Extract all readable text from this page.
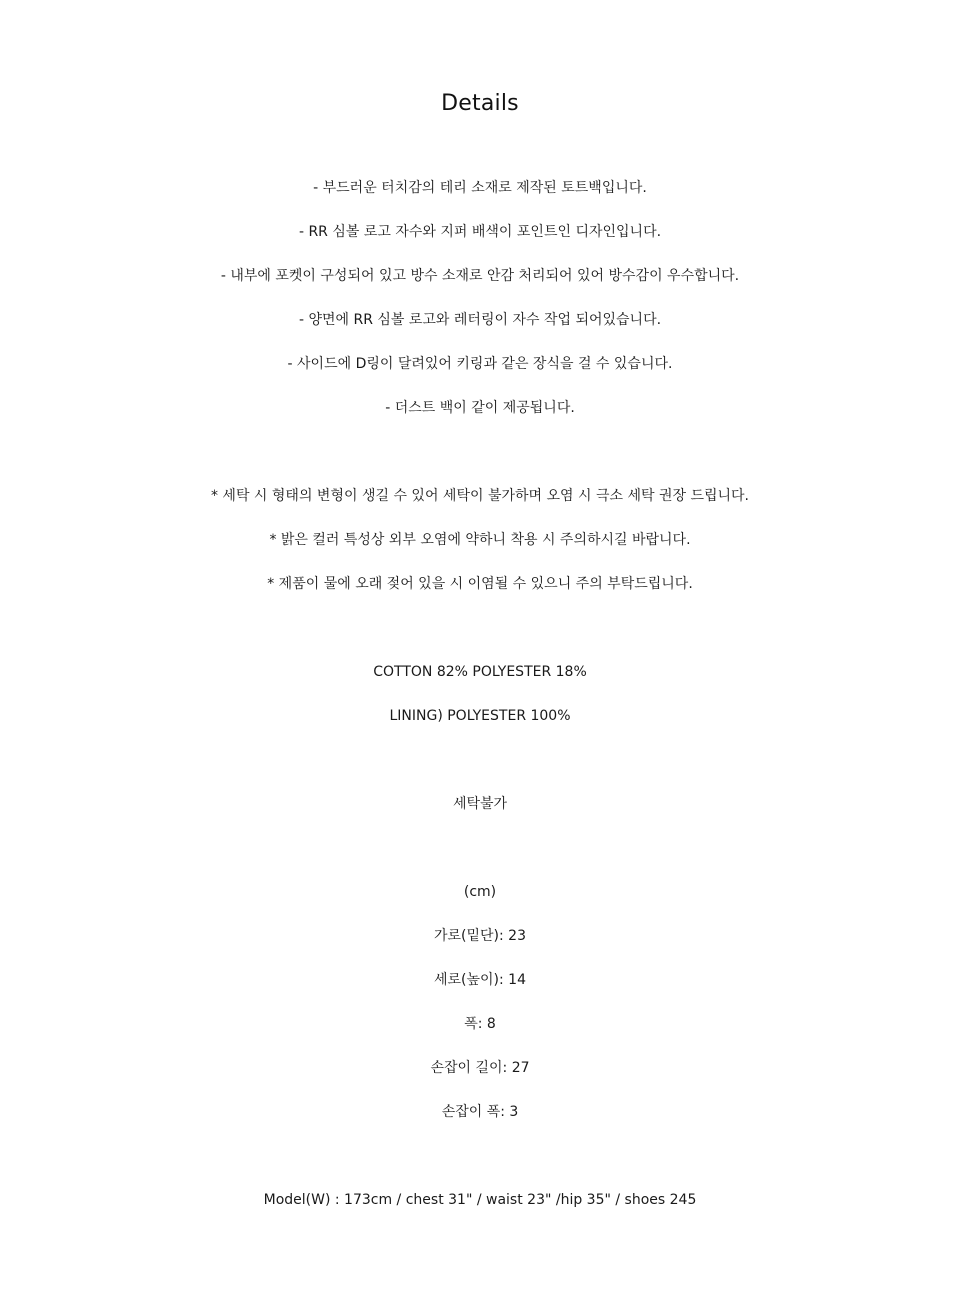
Details
- 부드러운 터치감의 테리 소재로 제작된 토트백입니다.
- RR 심볼 로고 자수와 지퍼 배색이 포인트인 디자인입니다.
- 내부에 포켓이 구성되어 있고 방수 소재로 안감 처리되어 있어 방수감이 우수합니다.
- 양면에 RR 심볼 로고와 레터링이 자수 작업 되어있습니다.
- 사이드에 D링이 달려있어 키링과 같은 장식을 걸 수 있습니다.
- 더스트 백이 같이 제공됩니다.
* 세탁 시 형태의 변형이 생길 수 있어 세탁이 불가하며 오염 시 극소 세탁 권장 드립니다.
* 밝은 컬러 특성상 외부 오염에 약하니 착용 시 주의하시길 바랍니다.
* 제품이 물에 오래 젖어 있을 시 이염될 수 있으니 주의 부탁드립니다.
COTTON 82% POLYESTER 18%
LINING) POLYESTER 100%
세탁불가
(cm)
가로(밑단): 23
세로(높이): 14
폭: 8
손잡이 길이: 27
손잡이 폭: 3
Model(W) : 173cm / chest 31" / waist 23" /hip 35" / shoes 245
